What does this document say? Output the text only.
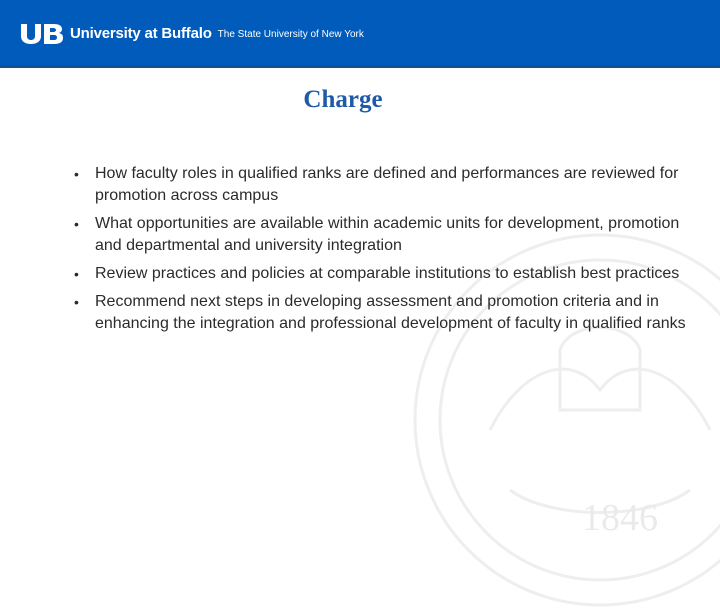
University at Buffalo The State University of New York
1846
Charge
• How faculty roles in qualified ranks are defined and performances are reviewed for promotion across campus
• What opportunities are available within academic units for development, promotion and departmental and university integration
• Review practices and policies at comparable institutions to establish best practices
• Recommend next steps in developing assessment and promotion criteria and in enhancing the integration and professional development of faculty in qualified ranks
